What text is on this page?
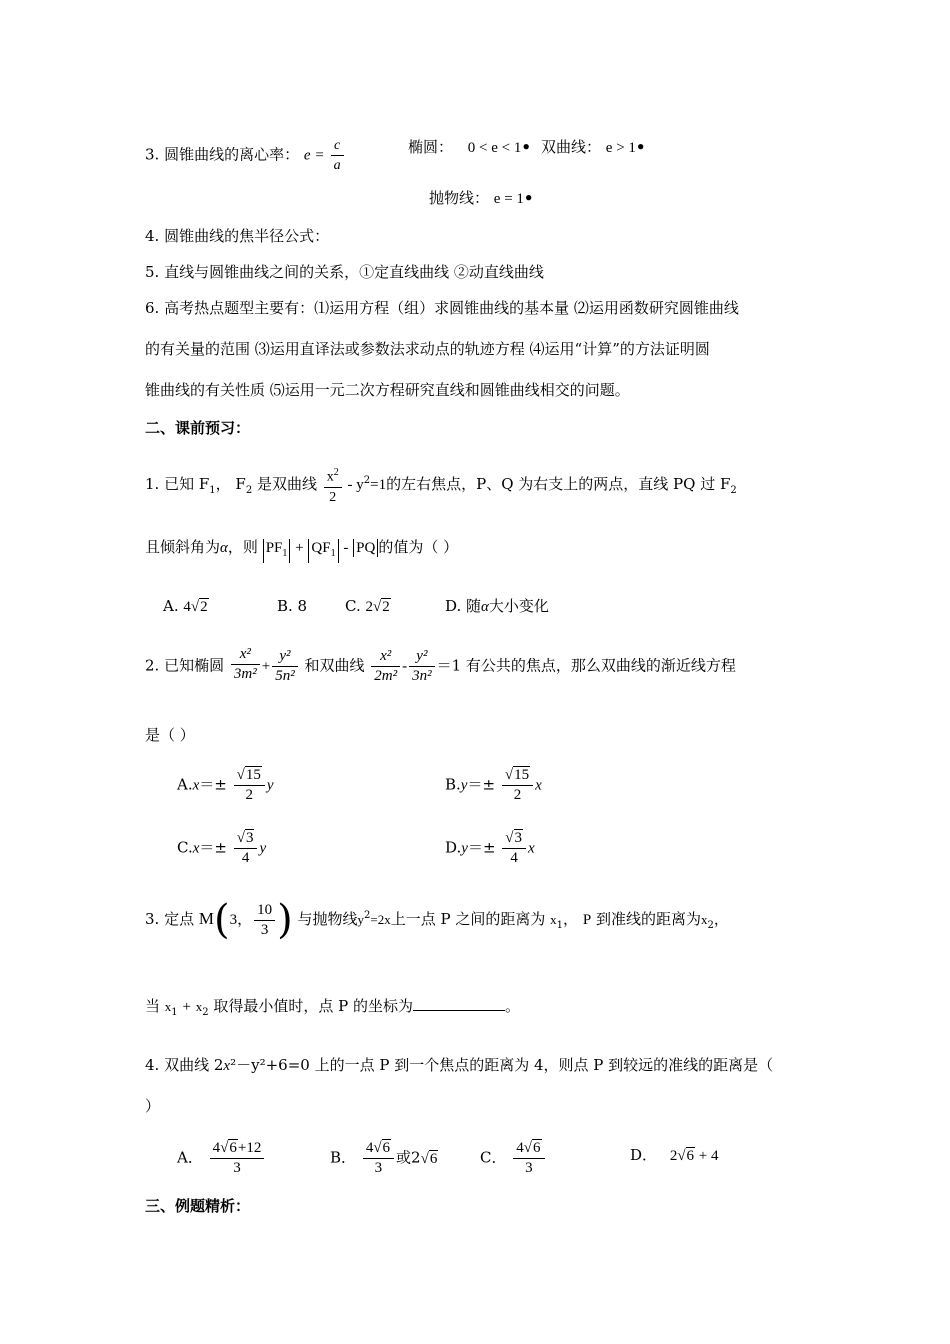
3. 圆锥曲线的离心率： $e = \frac{c}{a}$	椭圆： 0 < e < 1• 双曲线： e > 1•
抛物线： e = 1•
4. 圆锥曲线的焦半径公式：
5. 直线与圆锥曲线之间的关系，①定直线曲线 ②动直线曲线
6. 高考热点题型主要有：⑴运用方程（组）求圆锥曲线的基本量 ⑵运用函数研究圆锥曲线
的有关量的范围 ⑶运用直译法或参数法求动点的轨迹方程 ⑷运用“计算”的方法证明圆
锥曲线的有关性质 ⑸运用一元二次方程研究直线和圆锥曲线相交的问题。
二、课前预习：
1. 已知 $F_1$， $F_2$ 是双曲线 $\frac{x^2}{2} - y^2=1$的左右焦点，P、Q 为右支上的两点，直线 PQ 过 $F_2$
且倾斜角为α，则 $PF_1 + QF_1$ - PQ 的值为（ ）
A. 4√2	B. 8	C. 2√2	D. 随α大小变化
2. 已知椭圆 $\frac{\text{x²}}{\text{3m²}} + \frac{\text{y²}}{\text{5n²}}$ 和双曲线 $\frac{\text{x²}}{\text{2m²}} - \frac{\text{y²}}{\text{3n²}} =1$ 有公共的焦点，那么双曲线的渐近线方程
是（ ）
$A.x=\pm \frac{√15}{2}$ y	$B.y=\pm \frac{√15}{2}$ x
$C.x=\pm \frac{√3}{4}$ y	$D.y=\pm \frac{√3}{4}$ x
3. 定点 M(3， $\frac{10}{3}$ ) 与抛物线$y^2=2x$上一点 P 之间的距离为 $x_1$， P 到准线的距离为$x_2$，
当 $x_1 + x_2$ 取得最小值时，点 P 的坐标为	。
4. 双曲线 2x²－y²+6=0 上的一点 P 到一个焦点的距离为 4，则点 P 到较远的准线的距离是（
）
A． $\frac{4√6+12}{3}$	B． $\frac{4√6}{3}$ 或2√6	C． $\frac{4√6}{3}$	D． 2√6 + 4
三、例题精析：
